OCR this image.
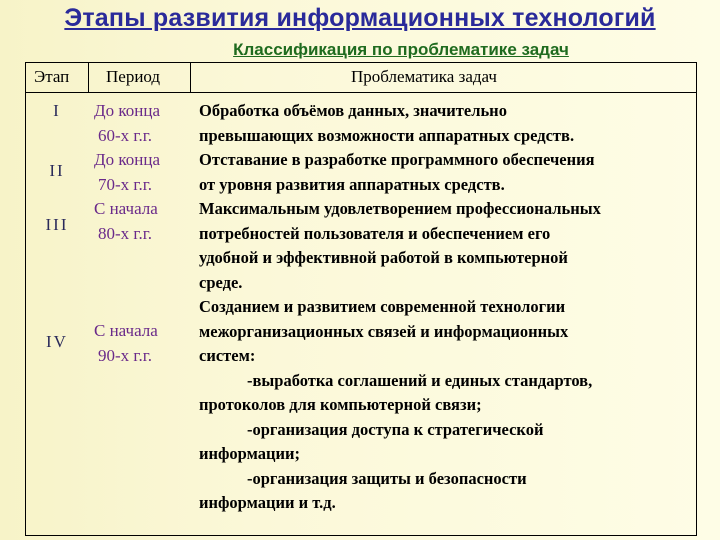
Этапы развития информационных технологий
Классификация по проблематике задач
Этап Период	Проблематика задач
I
II
III
IV
До конца
60-х г.г.
До конца
70-х г.г.
С начала
80-х г.г.
С начала
90-х г.г.
Обработка объёмов данных, значительно
превышающих возможности аппаратных средств.
Отставание в разработке программного обеспечения
от уровня развития аппаратных средств.
Максимальным удовлетворением профессиональных
потребностей пользователя и обеспечением его
удобной и эффективной работой в компьютерной
среде.
Созданием и развитием современной технологии
межорганизационных связей и информационных
систем:
-выработка соглашений и единых стандартов,
протоколов для компьютерной связи;
-организация доступа к стратегической
информации;
-организация защиты и безопасности
информации и т.д.
